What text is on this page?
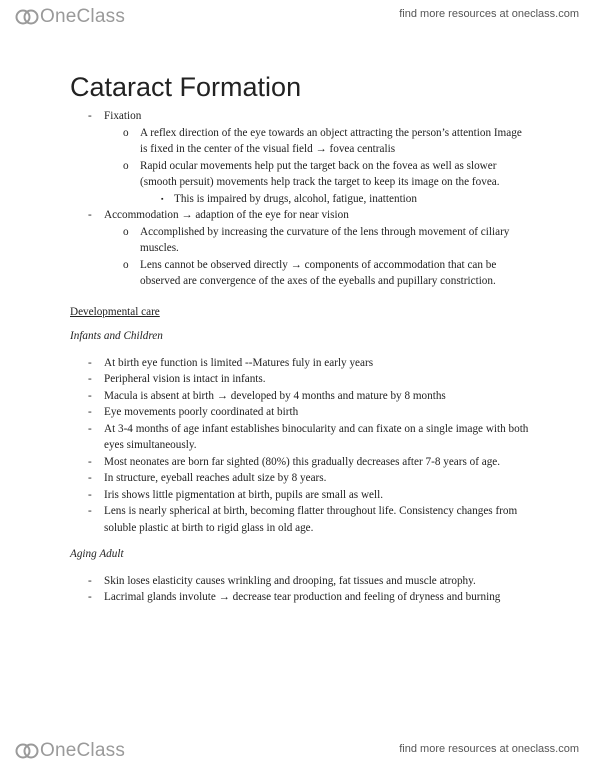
OneClass	find more resources at oneclass.com
Cataract Formation
- Fixation
o A reflex direction of the eye towards an object attracting the person’s attention Image is fixed in the center of the visual field → fovea centralis
o Rapid ocular movements help put the target back on the fovea as well as slower (smooth persuit) movements help track the target to keep its image on the fovea.
▪ This is impaired by drugs, alcohol, fatigue, inattention
- Accommodation → adaption of the eye for near vision
o Accomplished by increasing the curvature of the lens through movement of ciliary muscles.
o Lens cannot be observed directly → components of accommodation that can be observed are convergence of the axes of the eyeballs and pupillary constriction.
Developmental care
Infants and Children
- At birth eye function is limited --Matures fuly in early years
- Peripheral vision is intact in infants.
- Macula is absent at birth → developed by 4 months and mature by 8 months
- Eye movements poorly coordinated at birth
- At 3-4 months of age infant establishes binocularity and can fixate on a single image with both eyes simultaneously.
- Most neonates are born far sighted (80%) this gradually decreases after 7-8 years of age.
- In structure, eyeball reaches adult size by 8 years.
- Iris shows little pigmentation at birth, pupils are small as well.
- Lens is nearly spherical at birth, becoming flatter throughout life. Consistency changes from soluble plastic at birth to rigid glass in old age.
Aging Adult
- Skin loses elasticity causes wrinkling and drooping, fat tissues and muscle atrophy.
- Lacrimal glands involute → decrease tear production and feeling of dryness and burning
OneClass	find more resources at oneclass.com
